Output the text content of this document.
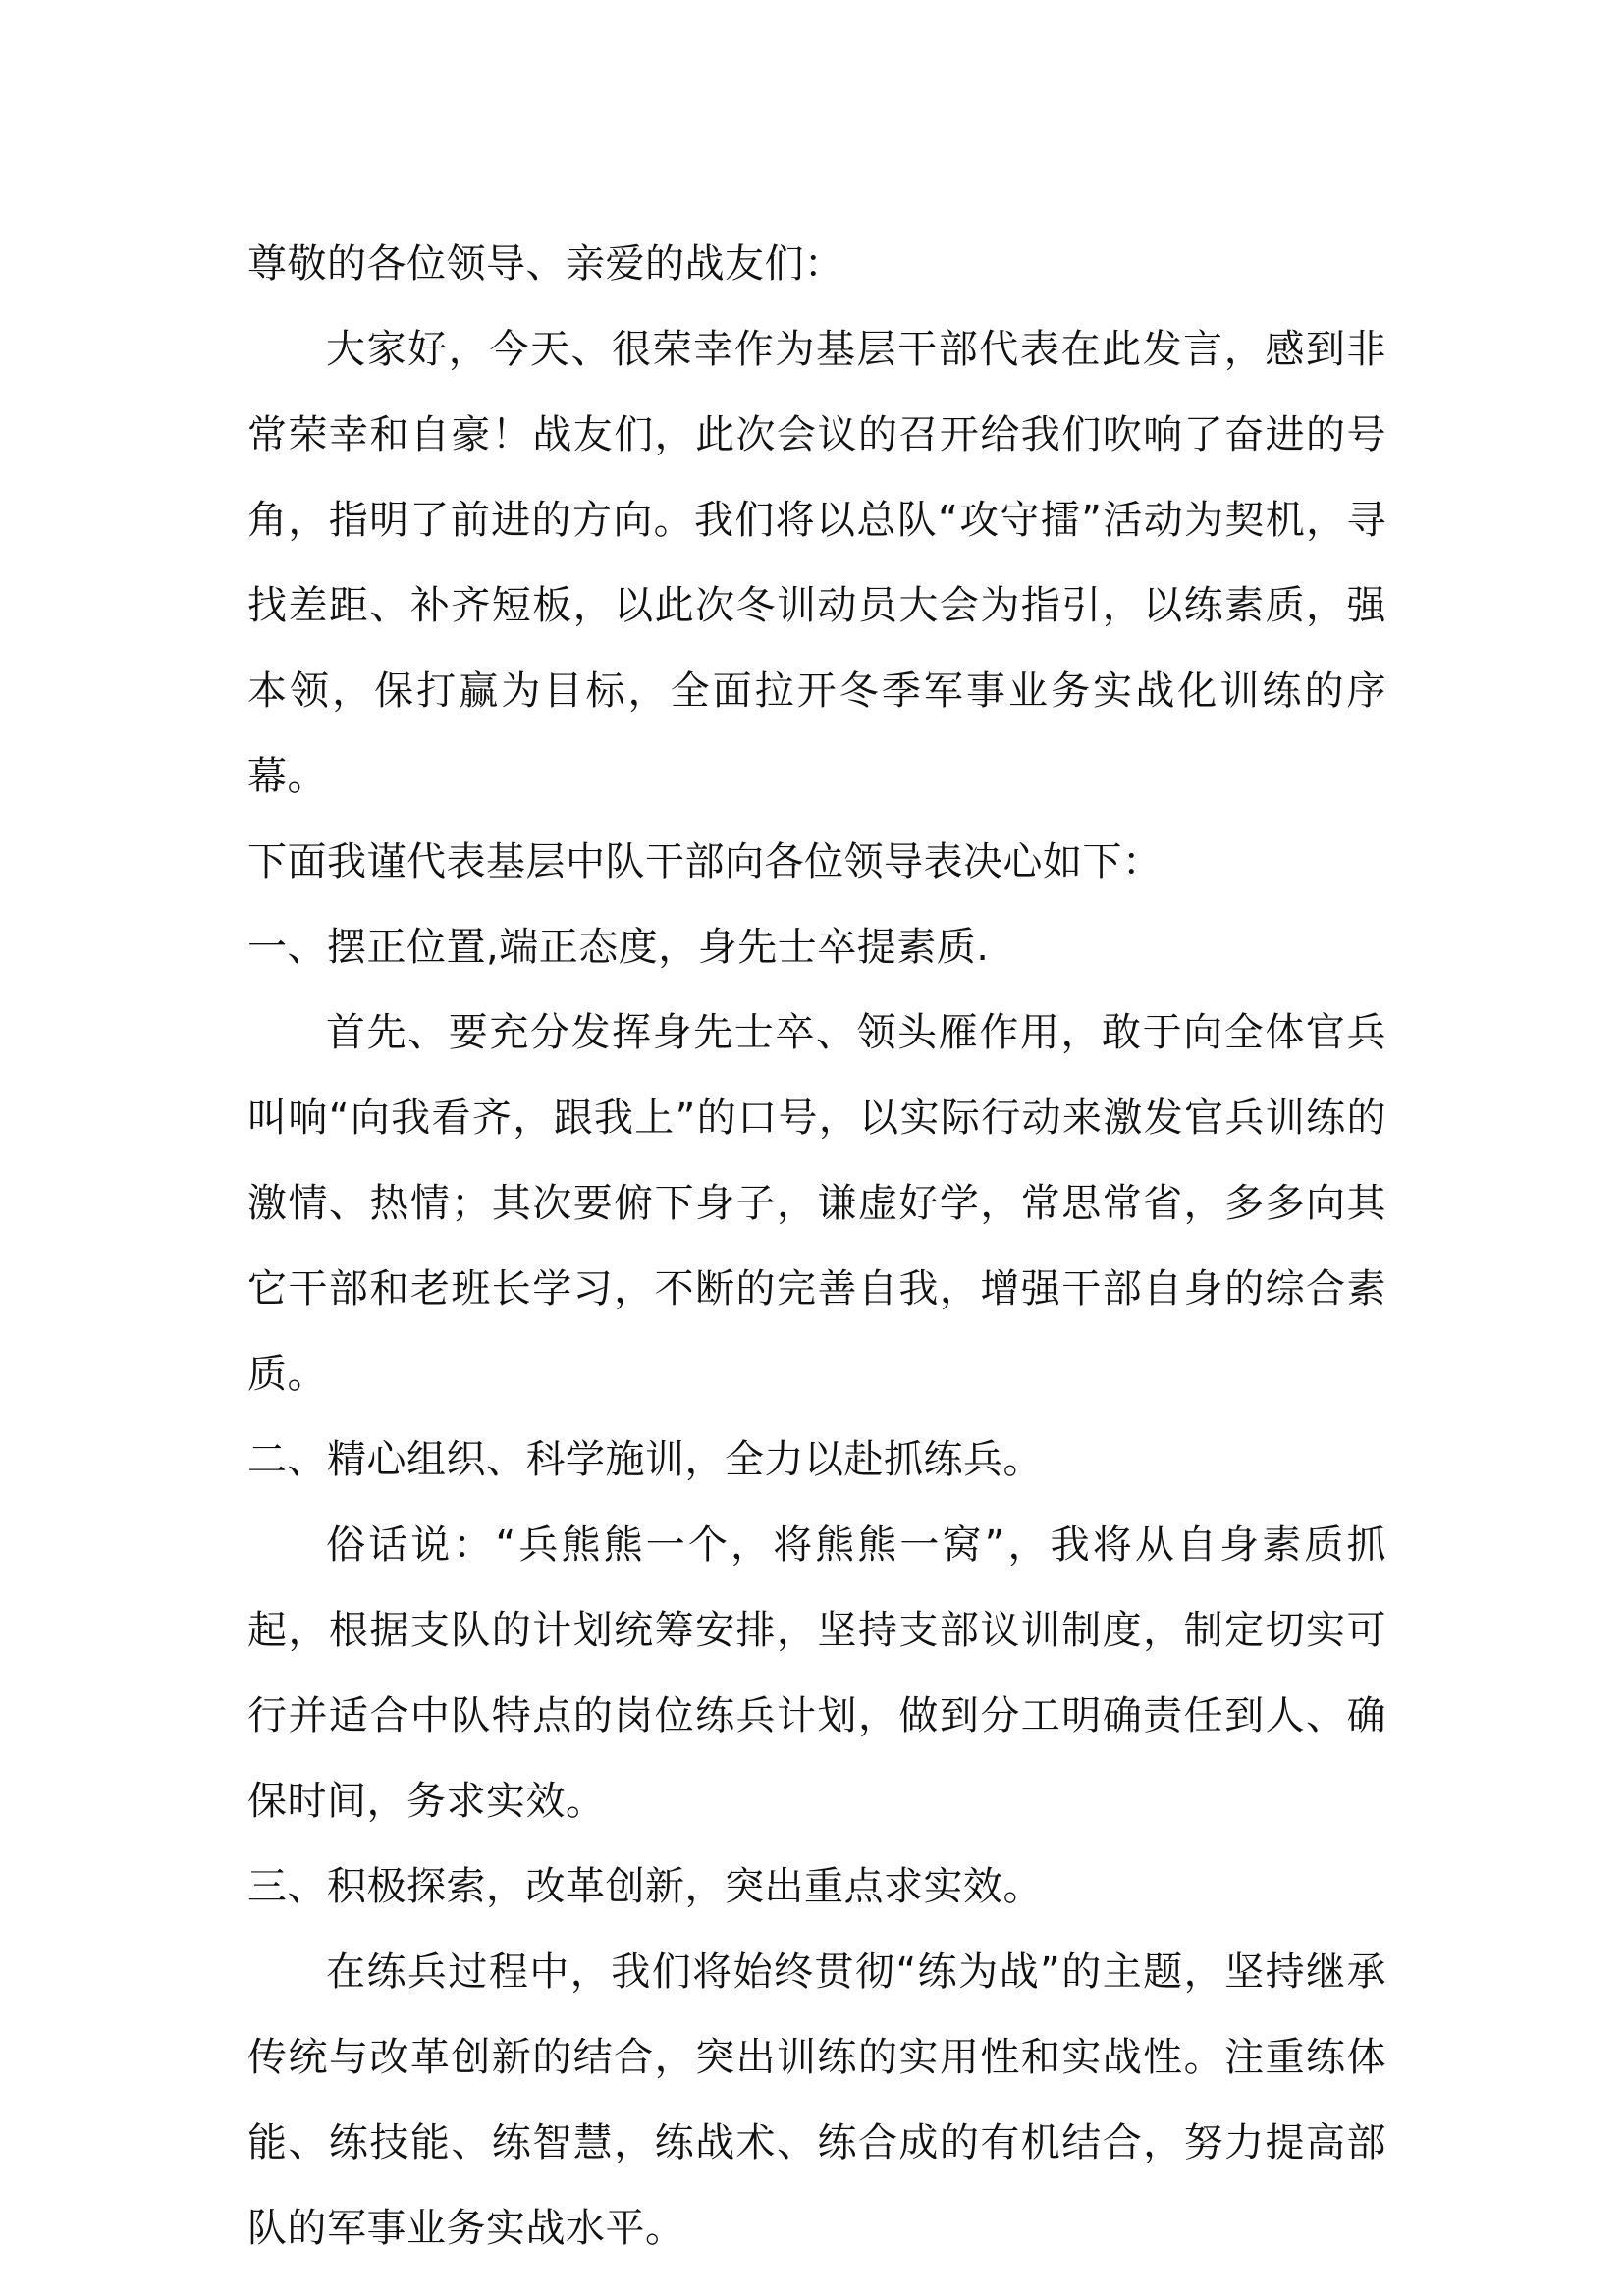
尊敬的各位领导、亲爱的战友们：

大家好，今天、很荣幸作为基层干部代表在此发言，感到非常荣幸和自豪！战友们，此次会议的召开给我们吹响了奋进的号角，指明了前进的方向。我们将以总队“攻守擂”活动为契机，寻找差距、补齐短板，以此次冬训动员大会为指引，以练素质，强本领，保打赢为目标，全面拉开冬季军事业务实战化训练的序幕。

下面我谨代表基层中队干部向各位领导表决心如下：

一、摆正位置,端正态度，身先士卒提素质.

首先、要充分发挥身先士卒、领头雁作用，敢于向全体官兵叫响“向我看齐，跟我上”的口号，以实际行动来激发官兵训练的激情、热情；其次要俯下身子，谦虚好学，常思常省，多多向其它干部和老班长学习，不断的完善自我，增强干部自身的综合素质。

二、精心组织、科学施训，全力以赴抓练兵。

俗话说：“兵熊熊一个，将熊熊一窝”，我将从自身素质抓起，根据支队的计划统筹安排，坚持支部议训制度，制定切实可行并适合中队特点的岗位练兵计划，做到分工明确责任到人、确保时间，务求实效。

三、积极探索，改革创新，突出重点求实效。

在练兵过程中，我们将始终贯彻“练为战”的主题，坚持继承传统与改革创新的结合，突出训练的实用性和实战性。注重练体能、练技能、练智慧，练战术、练合成的有机结合，努力提高部队的军事业务实战水平。
